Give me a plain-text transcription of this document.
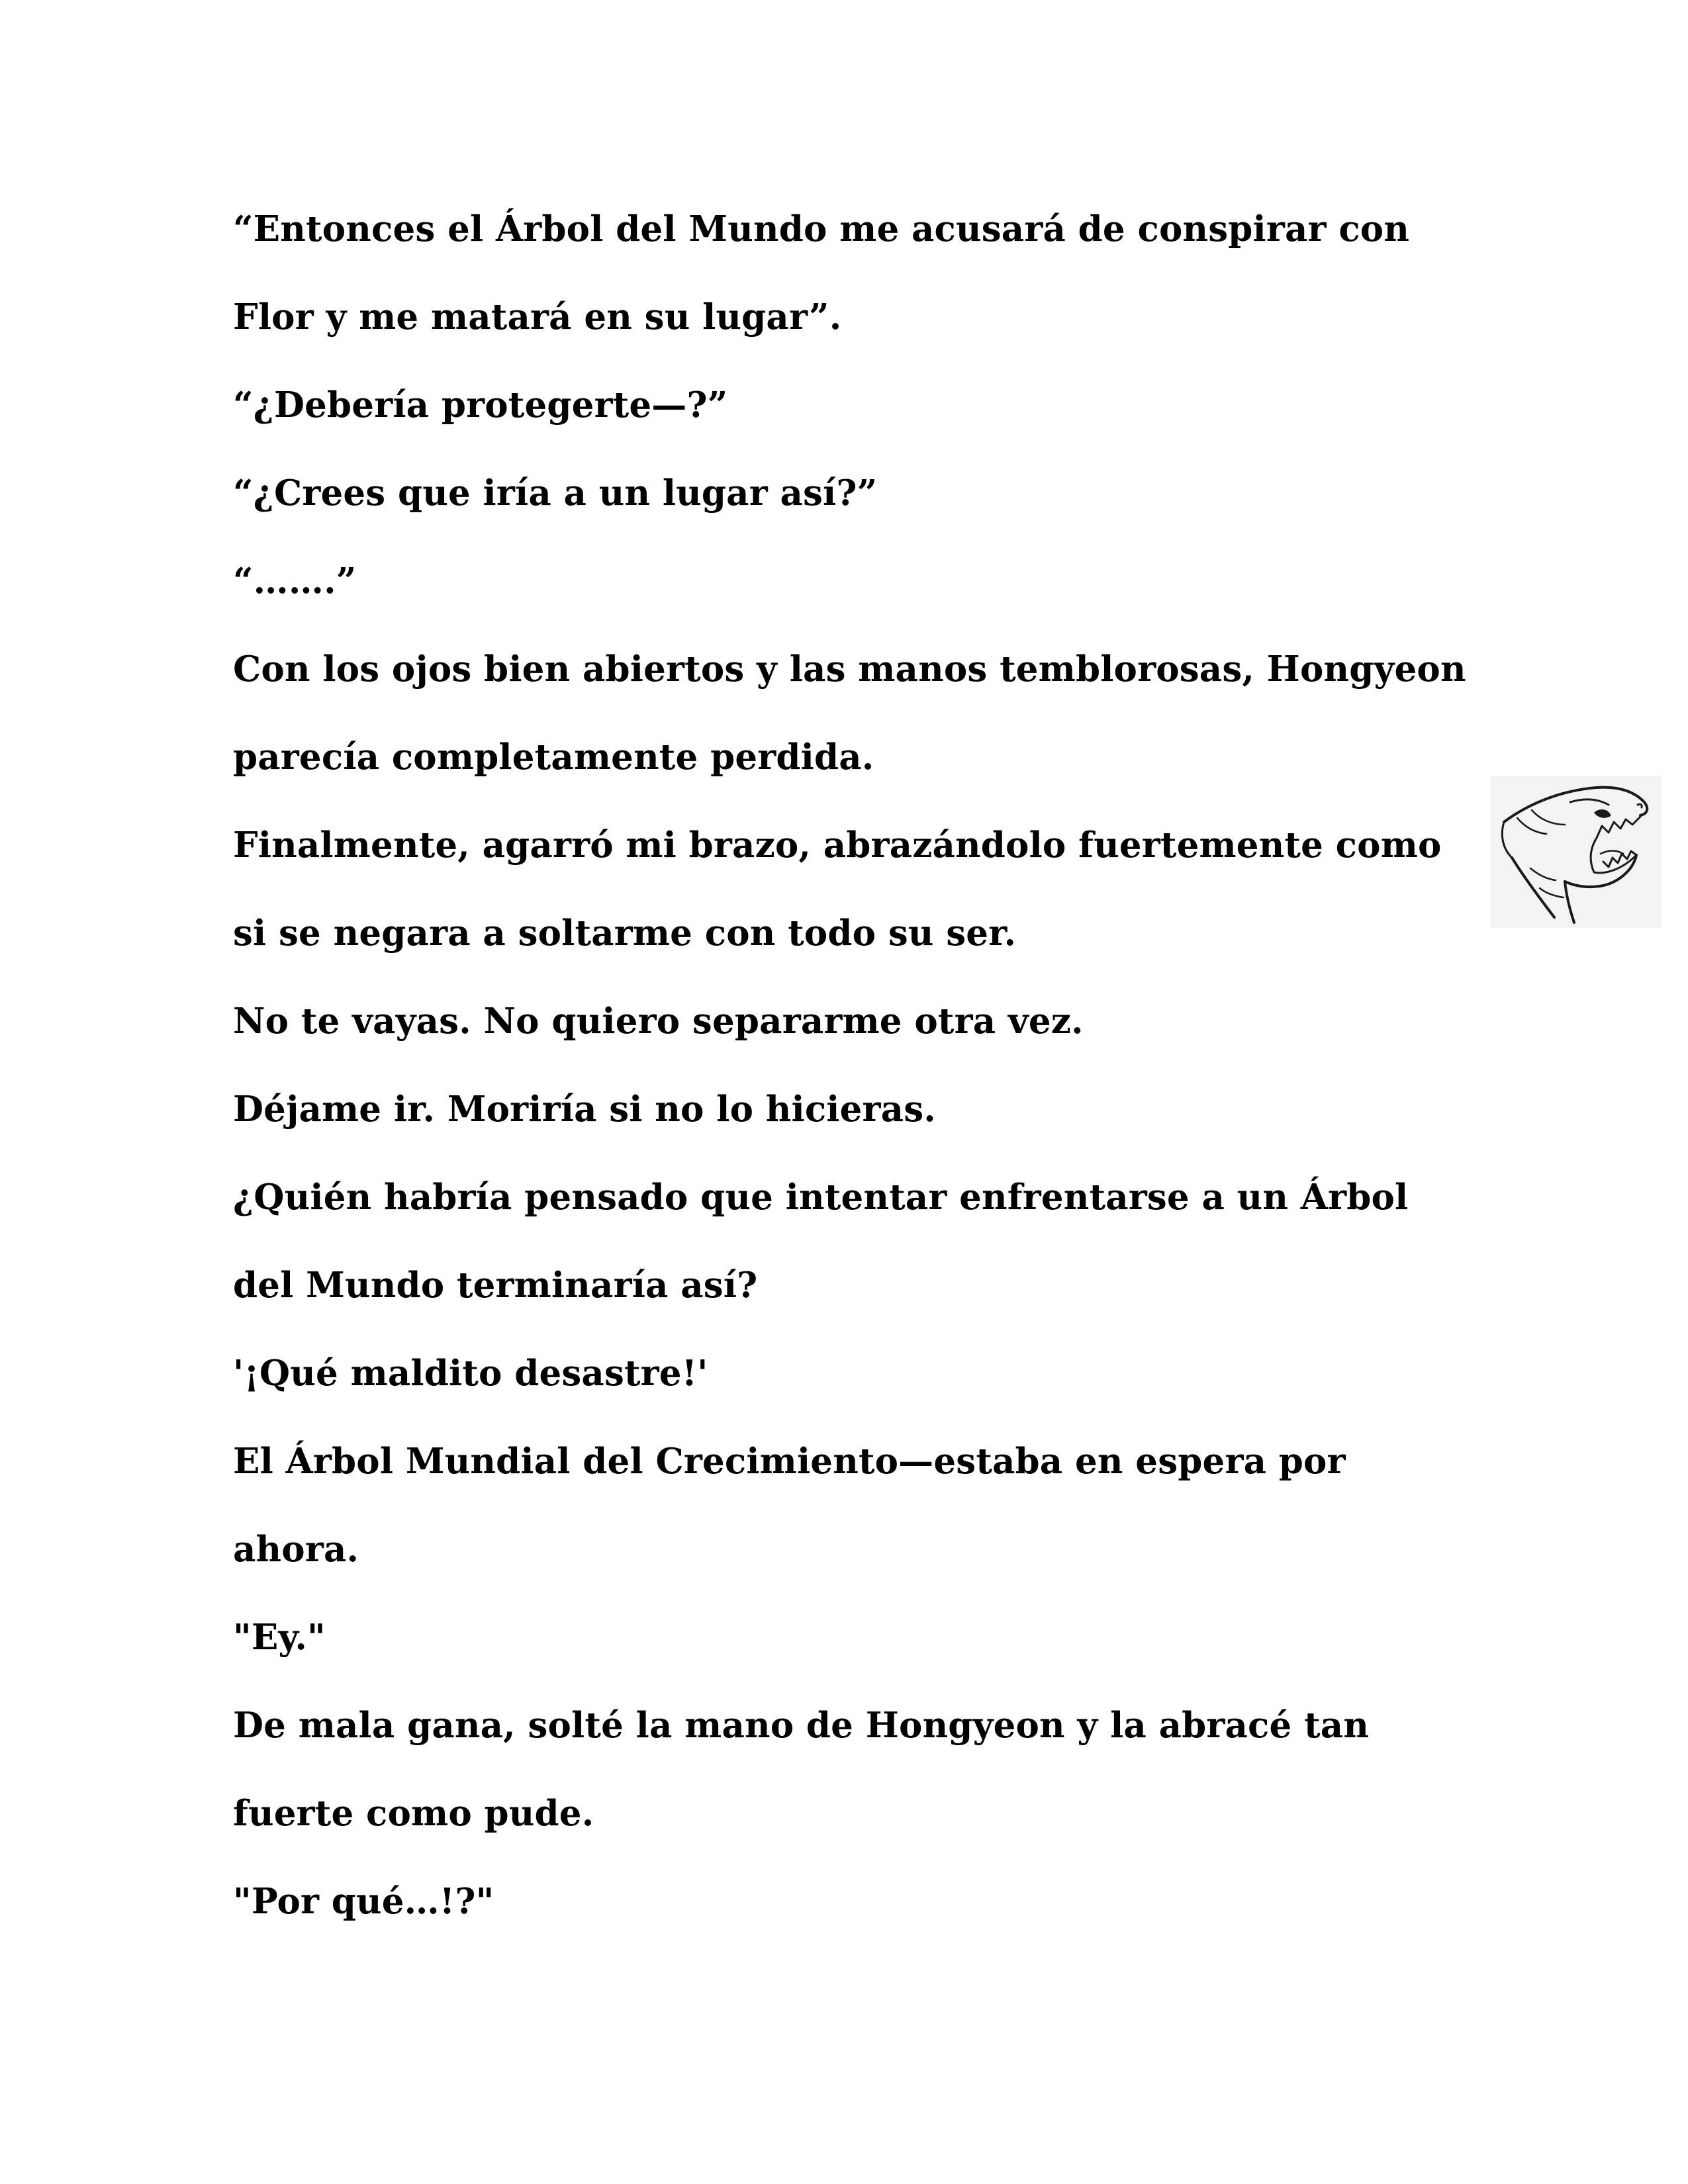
“Entonces el Árbol del Mundo me acusará de conspirar con
Flor y me matará en su lugar”.
“¿Debería protegerte—?”
“¿Crees que iría a un lugar así?”
“…….”
Con los ojos bien abiertos y las manos temblorosas, Hongyeon
parecía completamente perdida.
Finalmente, agarró mi brazo, abrazándolo fuertemente como
si se negara a soltarme con todo su ser.
No te vayas. No quiero separarme otra vez.
Déjame ir. Moriría si no lo hicieras.
¿Quién habría pensado que intentar enfrentarse a un Árbol
del Mundo terminaría así?
'¡Qué maldito desastre!'
El Árbol Mundial del Crecimiento—estaba en espera por
ahora.
"Ey."
De mala gana, solté la mano de Hongyeon y la abracé tan
fuerte como pude.
"Por qué…!?"
